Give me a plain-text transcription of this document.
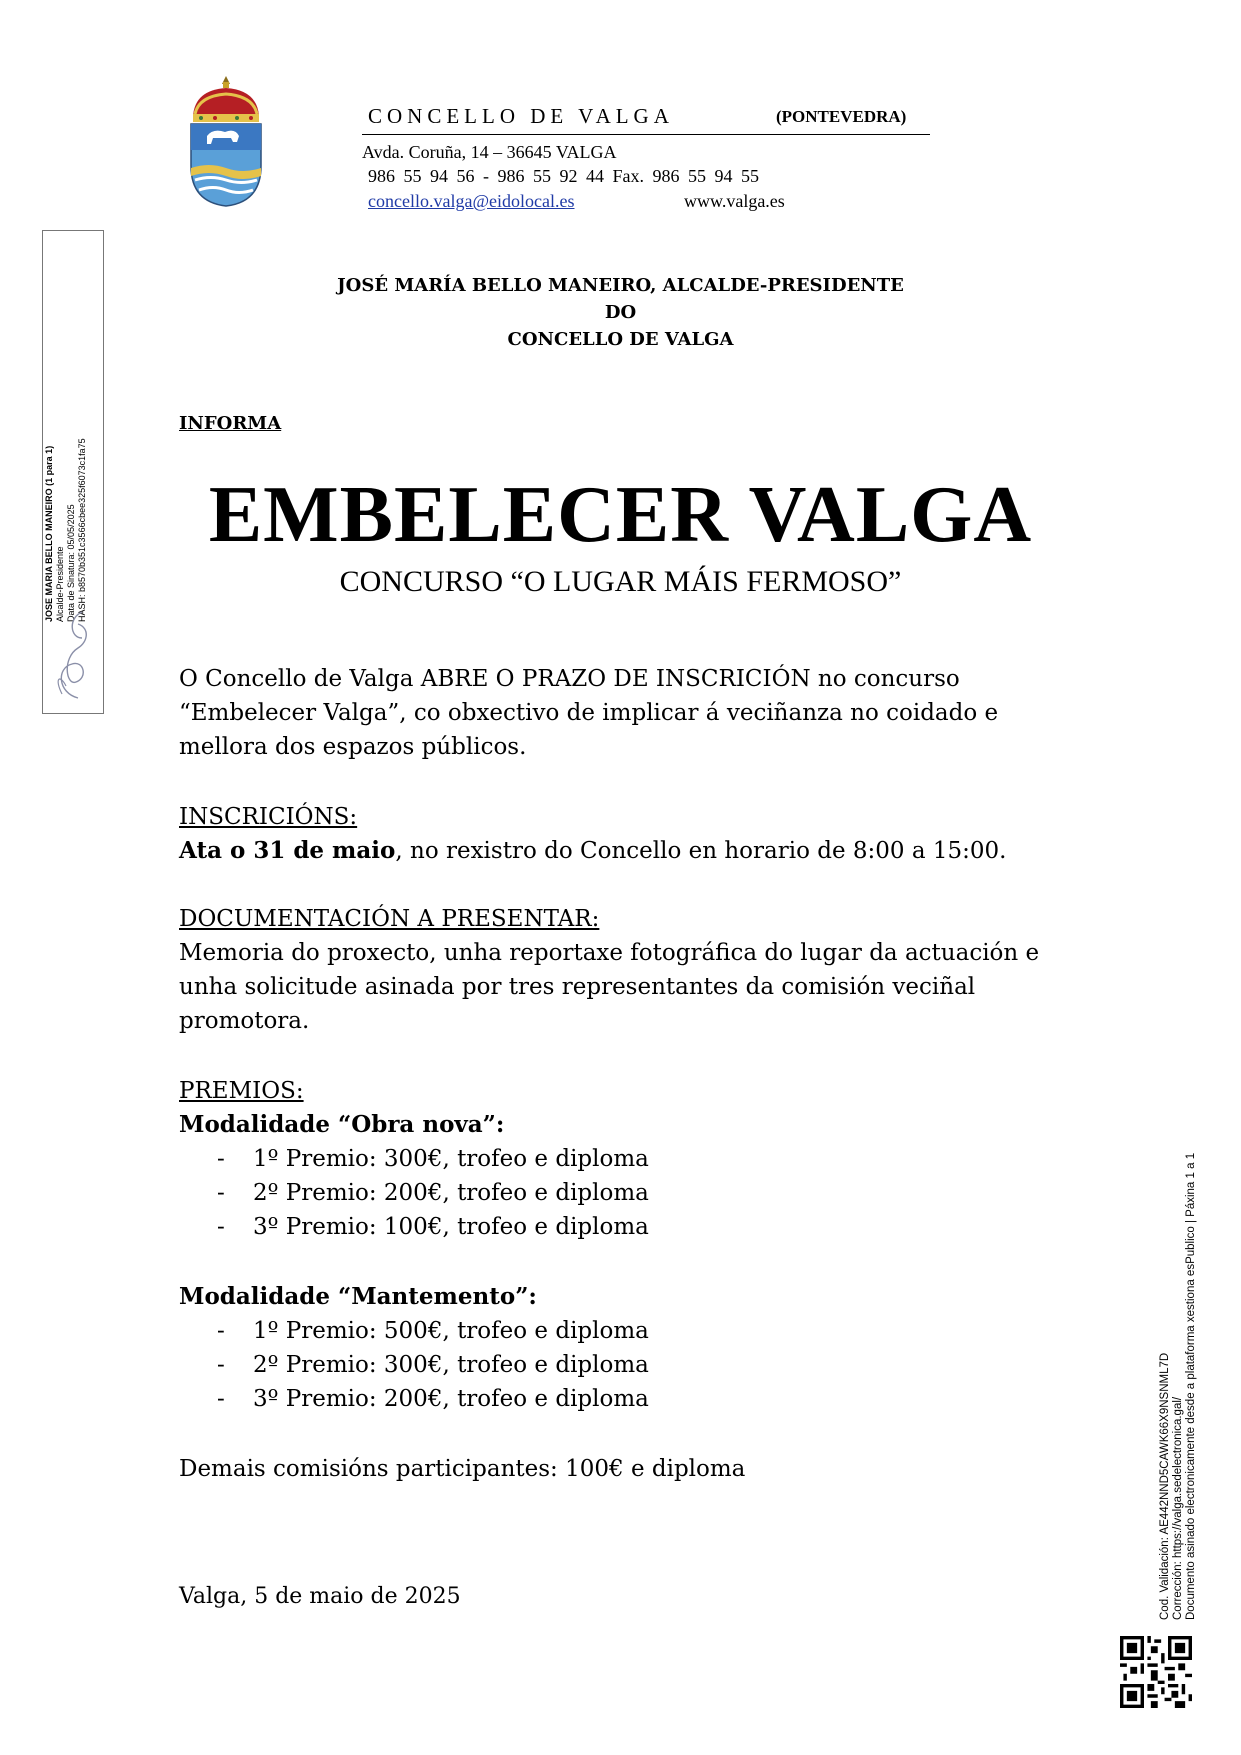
CONCELLO DE VALGA	(PONTEVEDRA)
Avda. Coruña, 14 – 36645 VALGA
986 55 94 56 - 986 55 92 44 Fax. 986 55 94 55
concello.valga@eidolocal.es	www.valga.es
JOSE MARIA BELLO MANEIRO (1 para 1) Alcalde-Presidente Data de Sinatura: 05/05/2025 HASH: b8570b351c3566cbee325f6073c1fa75
JOSÉ MARÍA BELLO MANEIRO, ALCALDE-PRESIDENTE
DO
CONCELLO DE VALGA
INFORMA
EMBELECER VALGA
CONCURSO “O LUGAR MÁIS FERMOSO”
O Concello de Valga ABRE O PRAZO DE INSCRICIÓN no concurso “Embelecer Valga”, co obxectivo de implicar á veciñanza no coidado e mellora dos espazos públicos.
INSCRICIÓNS:
Ata o 31 de maio, no rexistro do Concello en horario de 8:00 a 15:00.
DOCUMENTACIÓN A PRESENTAR:
Memoria do proxecto, unha reportaxe fotográfica do lugar da actuación e unha solicitude asinada por tres representantes da comisión veciñal promotora.
PREMIOS:
Modalidade “Obra nova”:
- 1º Premio: 300€, trofeo e diploma
- 2º Premio: 200€, trofeo e diploma
- 3º Premio: 100€, trofeo e diploma
Modalidade “Mantemento”:
- 1º Premio: 500€, trofeo e diploma
- 2º Premio: 300€, trofeo e diploma
- 3º Premio: 200€, trofeo e diploma
Demais comisións participantes: 100€ e diploma
Valga, 5 de maio de 2025	Cod. Validación: AE442NND5CAWK66X9NSNML7D Corrección: https://valga.sedelectronica.gal/ Documento asinado electronicamente desde a plataforma xestiona esPublico | Páxina 1 a 1
